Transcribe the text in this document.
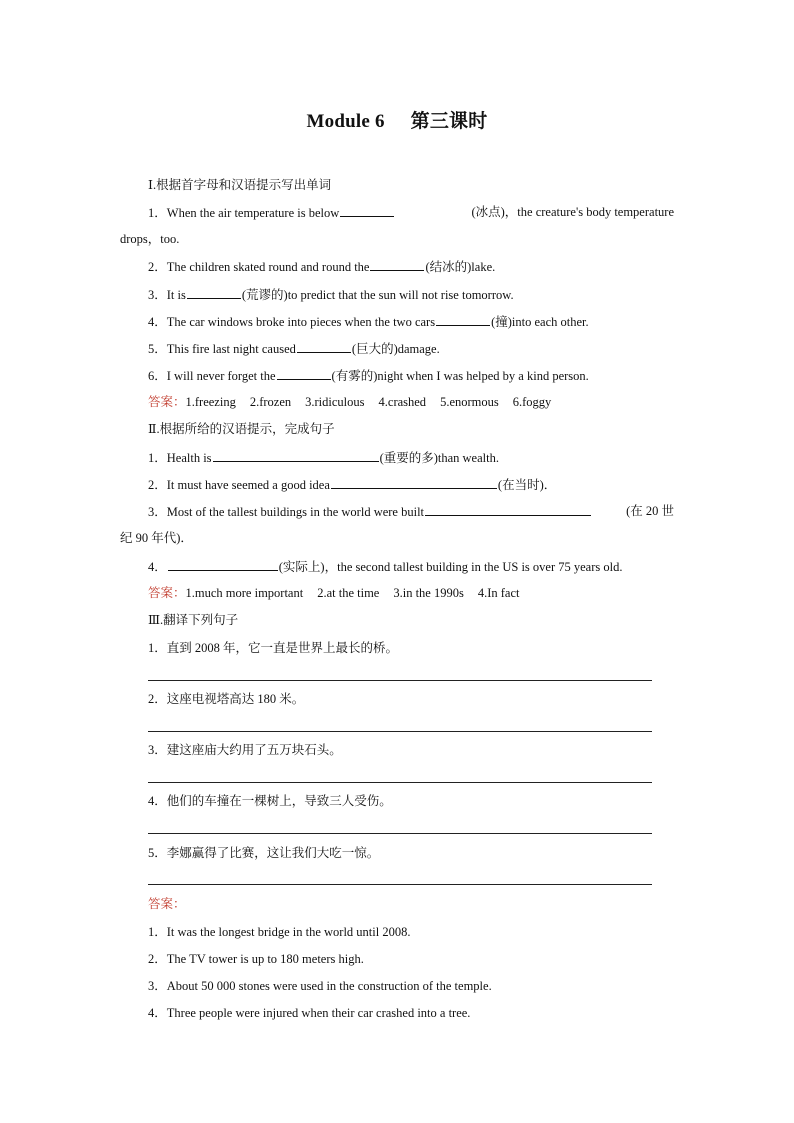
Module 6 第三课时
Ⅰ.根据首字母和汉语提示写出单词
1．When the air temperature is below	(冰点)，the creature's body temperature
drops，too.
2．The children skated round and round the	(结冰的)lake.
3．It is	(荒谬的)to predict that the sun will not rise tomorrow.
4．The car windows broke into pieces when the two cars	(撞)into each other.
5．This fire last night caused	(巨大的)damage.
6．I will never forget the	(有雾的)night when I was helped by a kind person.
答案：1.freezing 2.frozen 3.ridiculous 4.crashed 5.enormous 6.foggy
Ⅱ.根据所给的汉语提示，完成句子
1．Health is	(重要的多)than wealth.
2．It must have seemed a good idea	(在当时)．
3．Most of the tallest buildings in the world were built	(在 20 世
纪 90 年代)．
4．	(实际上)，the second tallest building in the US is over 75 years old.
答案：1.much more important 2.at the time 3.in the 1990s 4.In fact
Ⅲ.翻译下列句子
1．直到 2008 年，它一直是世界上最长的桥。
2．这座电视塔高达 180 米。
3．建这座庙大约用了五万块石头。
4．他们的车撞在一棵树上，导致三人受伤。
5．李娜赢得了比赛，这让我们大吃一惊。
答案：
1．It was the longest bridge in the world until 2008.
2．The TV tower is up to 180 meters high.
3．About 50 000 stones were used in the construction of the temple.
4．Three people were injured when their car crashed into a tree.
